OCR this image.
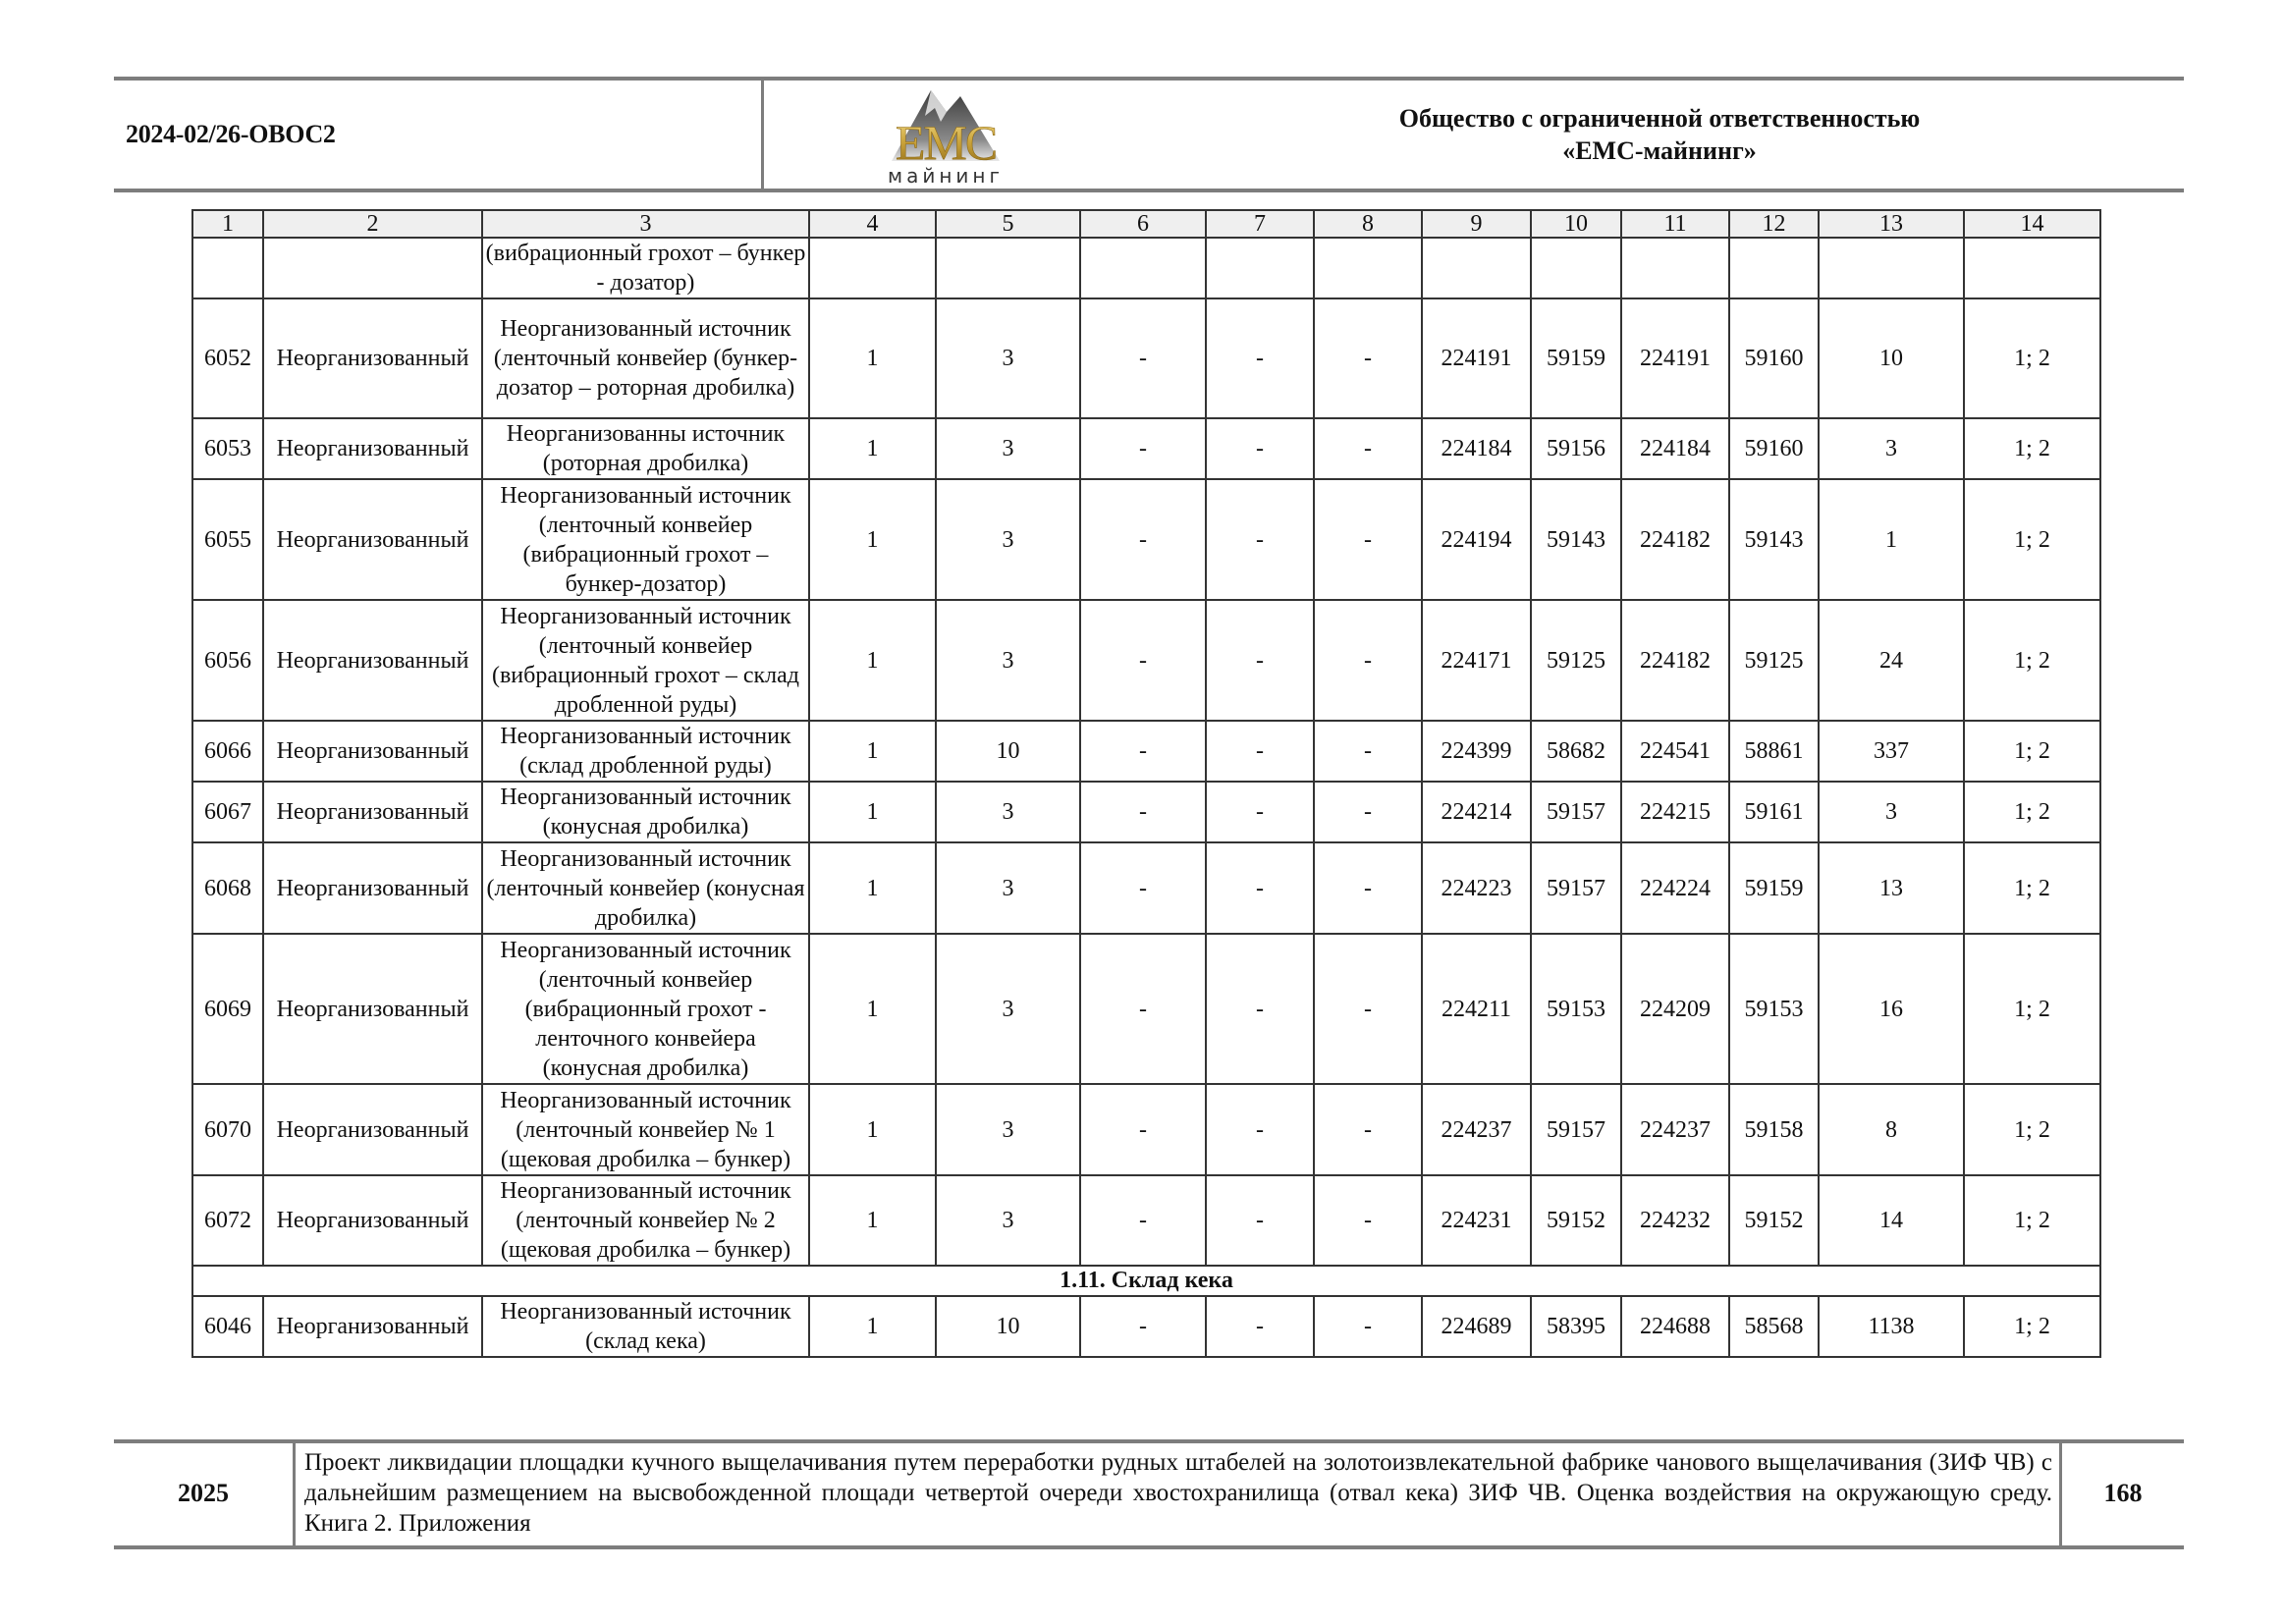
2024-02/26-ОВОС2	ЕМС
майнинг
Общество с ограниченной ответственностью
«ЕМС-майнинг»
1	2	3	4	5	6	7	8	9	10	11	12	13	14
		(вибрационный грохот – бункер - дозатор)											
6052	Неорганизованный	Неорганизованный источник (ленточный конвейер (бункер-дозатор – роторная дробилка)	1	3	-	-	-	224191	59159	224191	59160	10	1; 2
6053	Неорганизованный	Неорганизованны источник (роторная дробилка)	1	3	-	-	-	224184	59156	224184	59160	3	1; 2
6055	Неорганизованный	Неорганизованный источник (ленточный конвейер (вибрационный грохот – бункер-дозатор)	1	3	-	-	-	224194	59143	224182	59143	1	1; 2
6056	Неорганизованный	Неорганизованный источник (ленточный конвейер (вибрационный грохот – склад дробленной руды)	1	3	-	-	-	224171	59125	224182	59125	24	1; 2
6066	Неорганизованный	Неорганизованный источник (склад дробленной руды)	1	10	-	-	-	224399	58682	224541	58861	337	1; 2
6067	Неорганизованный	Неорганизованный источник (конусная дробилка)	1	3	-	-	-	224214	59157	224215	59161	3	1; 2
6068	Неорганизованный	Неорганизованный источник (ленточный конвейер (конусная дробилка)	1	3	-	-	-	224223	59157	224224	59159	13	1; 2
6069	Неорганизованный	Неорганизованный источник (ленточный конвейер (вибрационный грохот - ленточного конвейера (конусная дробилка)	1	3	-	-	-	224211	59153	224209	59153	16	1; 2
6070	Неорганизованный	Неорганизованный источник (ленточный конвейер № 1 (щековая дробилка – бункер)	1	3	-	-	-	224237	59157	224237	59158	8	1; 2
6072	Неорганизованный	Неорганизованный источник (ленточный конвейер № 2 (щековая дробилка – бункер)	1	3	-	-	-	224231	59152	224232	59152	14	1; 2
1.11. Склад кека													
6046	Неорганизованный	Неорганизованный источник (склад кека)	1	10	-	-	-	224689	58395	224688	58568	1138	1; 2
2025
Проект ликвидации площадки кучного выщелачивания путем переработки рудных штабелей на золотоизвлекательной фабрике чанового выщелачивания (ЗИФ ЧВ) с дальнейшим размещением на высвобожденной площади четвертой очереди хвостохранилища (отвал кека) ЗИФ ЧВ. Оценка воздействия на окружающую среду. Книга 2. Приложения
168
